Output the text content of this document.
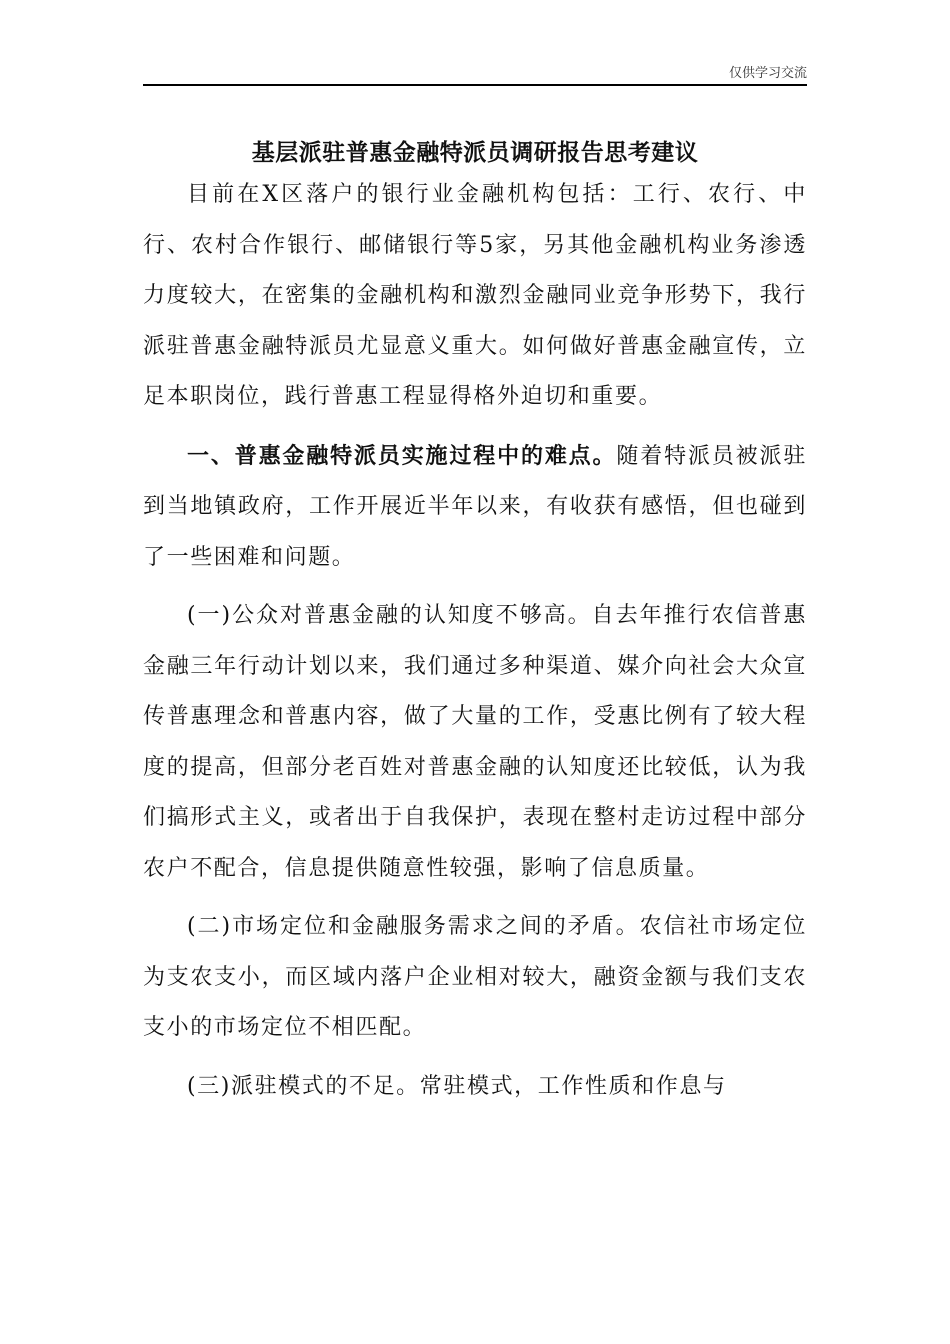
仅供学习交流
基层派驻普惠金融特派员调研报告思考建议

目前在X区落户的银行业金融机构包括：工行、农行、中行、农村合作银行、邮储银行等5家，另其他金融机构业务渗透力度较大，在密集的金融机构和激烈金融同业竞争形势下，我行派驻普惠金融特派员尤显意义重大。如何做好普惠金融宣传，立足本职岗位，践行普惠工程显得格外迫切和重要。

一、普惠金融特派员实施过程中的难点。随着特派员被派驻到当地镇政府，工作开展近半年以来，有收获有感悟，但也碰到了一些困难和问题。

(一)公众对普惠金融的认知度不够高。自去年推行农信普惠金融三年行动计划以来，我们通过多种渠道、媒介向社会大众宣传普惠理念和普惠内容，做了大量的工作，受惠比例有了较大程度的提高，但部分老百姓对普惠金融的认知度还比较低，认为我们搞形式主义，或者出于自我保护，表现在整村走访过程中部分农户不配合，信息提供随意性较强，影响了信息质量。

(二)市场定位和金融服务需求之间的矛盾。农信社市场定位为支农支小，而区域内落户企业相对较大，融资金额与我们支农支小的市场定位不相匹配。

(三)派驻模式的不足。常驻模式，工作性质和作息与
